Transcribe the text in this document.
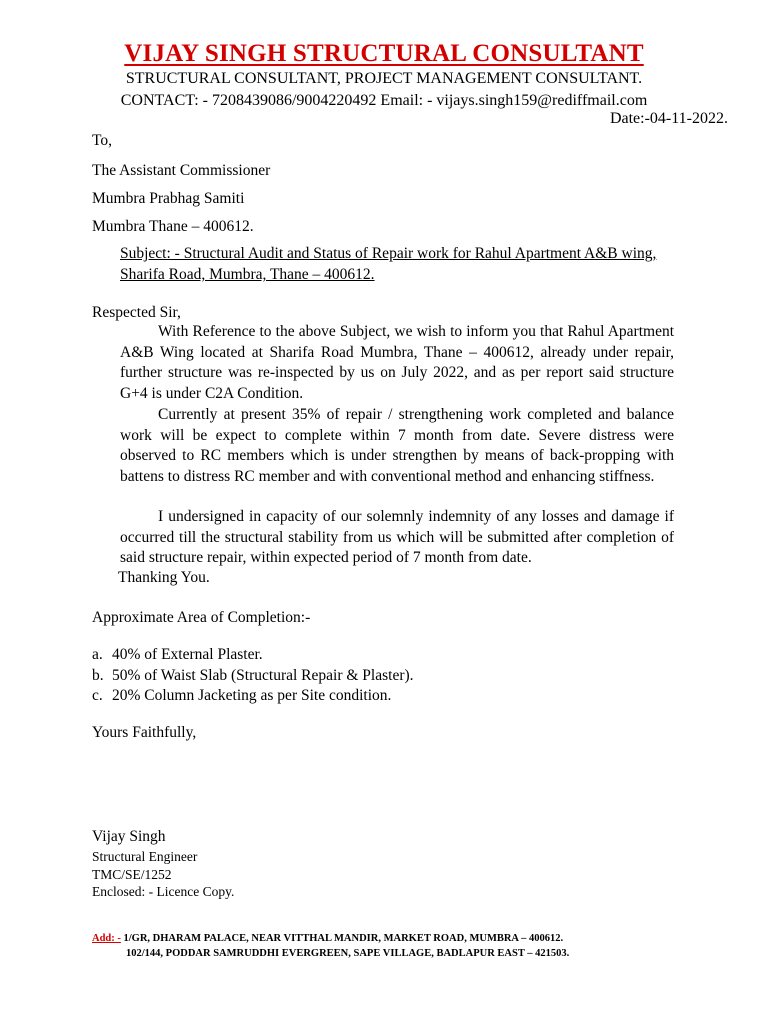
VIJAY SINGH STRUCTURAL CONSULTANT
STRUCTURAL CONSULTANT, PROJECT MANAGEMENT CONSULTANT.
CONTACT: - 7208439086/9004220492 Email: - vijays.singh159@rediffmail.com
Date:-04-11-2022.
To,
The Assistant Commissioner
Mumbra Prabhag Samiti
Mumbra Thane – 400612.
Subject: - Structural Audit and Status of Repair work for Rahul Apartment A&B wing, Sharifa Road, Mumbra, Thane – 400612.
Respected Sir,
With Reference to the above Subject, we wish to inform you that Rahul Apartment A&B Wing located at Sharifa Road Mumbra, Thane – 400612, already under repair, further structure was re-inspected by us on July 2022, and as per report said structure G+4 is under C2A Condition.
Currently at present 35% of repair / strengthening work completed and balance work will be expect to complete within 7 month from date. Severe distress were observed to RC members which is under strengthen by means of back-propping with battens to distress RC member and with conventional method and enhancing stiffness.
I undersigned in capacity of our solemnly indemnity of any losses and damage if occurred till the structural stability from us which will be submitted after completion of said structure repair, within expected period of 7 month from date.
Thanking You.
Approximate Area of Completion:-
a. 40% of External Plaster.
b. 50% of Waist Slab (Structural Repair & Plaster).
c. 20% Column Jacketing as per Site condition.
Yours Faithfully,
Vijay Singh
Structural Engineer
TMC/SE/1252
Enclosed: - Licence Copy.
Add: - 1/GR, DHARAM PALACE, NEAR VITTHAL MANDIR, MARKET ROAD, MUMBRA – 400612.
102/144, PODDAR SAMRUDDHI EVERGREEN, SAPE VILLAGE, BADLAPUR EAST – 421503.
